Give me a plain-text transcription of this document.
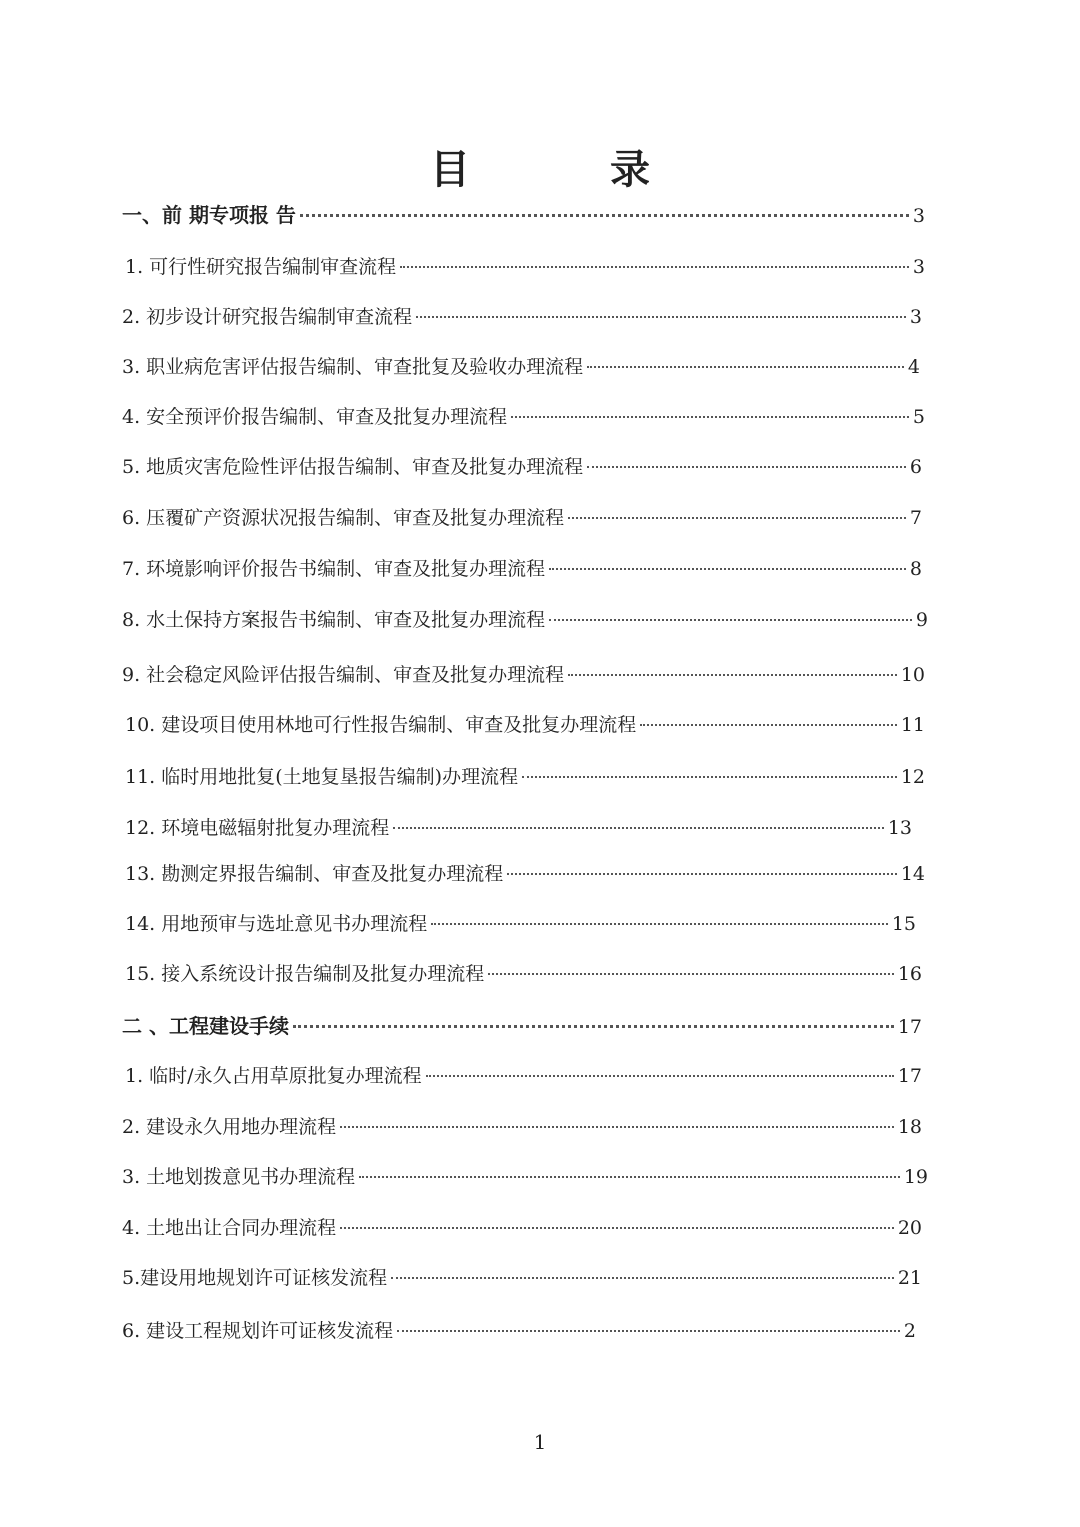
目　录
一、前 期专项报 告	3
1. 可行性研究报告编制审查流程	3
2. 初步设计研究报告编制审查流程	3
3. 职业病危害评估报告编制、审查批复及验收办理流程	4
4. 安全预评价报告编制、审查及批复办理流程	5
5. 地质灾害危险性评估报告编制、审查及批复办理流程	6
6. 压覆矿产资源状况报告编制、审查及批复办理流程	7
7. 环境影响评价报告书编制、审查及批复办理流程	8
8. 水土保持方案报告书编制、审查及批复办理流程	9
9. 社会稳定风险评估报告编制、审查及批复办理流程	10
10. 建设项目使用林地可行性报告编制、审查及批复办理流程	11
11. 临时用地批复(土地复垦报告编制)办理流程	12
12. 环境电磁辐射批复办理流程	13
13. 勘测定界报告编制、审查及批复办理流程	14
14. 用地预审与选址意见书办理流程	15
15. 接入系统设计报告编制及批复办理流程	16
二 、工程建设手续	17
1. 临时/永久占用草原批复办理流程	17
2. 建设永久用地办理流程	18
3. 土地划拨意见书办理流程	19
4. 土地出让合同办理流程	20
5.建设用地规划许可证核发流程	21
6. 建设工程规划许可证核发流程	2
1
